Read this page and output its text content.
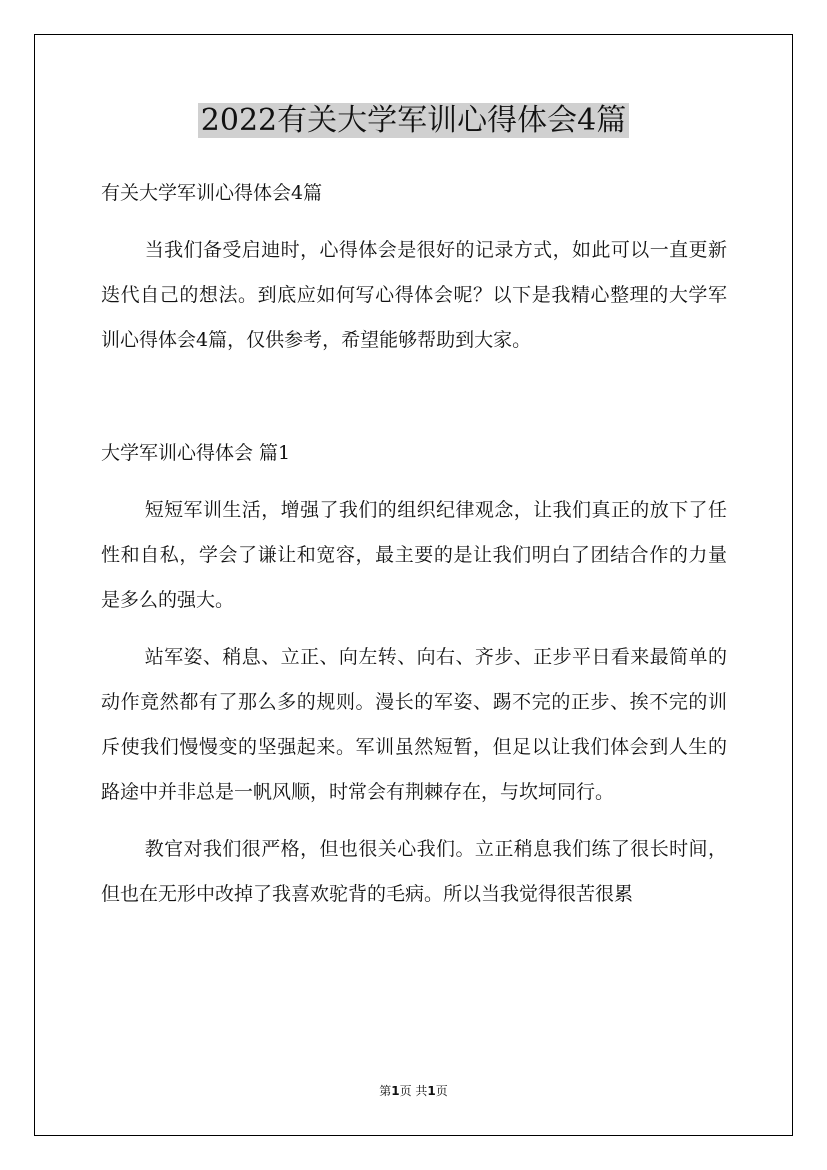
2022有关大学军训心得体会4篇

有关大学军训心得体会4篇

当我们备受启迪时，心得体会是很好的记录方式，如此可以一直更新迭代自己的想法。到底应如何写心得体会呢？以下是我精心整理的大学军训心得体会4篇，仅供参考，希望能够帮助到大家。

大学军训心得体会 篇1

短短军训生活，增强了我们的组织纪律观念，让我们真正的放下了任性和自私，学会了谦让和宽容，最主要的是让我们明白了团结合作的力量是多么的强大。

站军姿、稍息、立正、向左转、向右、齐步、正步平日看来最简单的动作竟然都有了那么多的规则。漫长的军姿、踢不完的正步、挨不完的训斥使我们慢慢变的坚强起来。军训虽然短暂，但足以让我们体会到人生的路途中并非总是一帆风顺，时常会有荆棘存在，与坎坷同行。

教官对我们很严格，但也很关心我们。立正稍息我们练了很长时间，但也在无形中改掉了我喜欢驼背的毛病。所以当我觉得很苦很累

第1页 共1页
